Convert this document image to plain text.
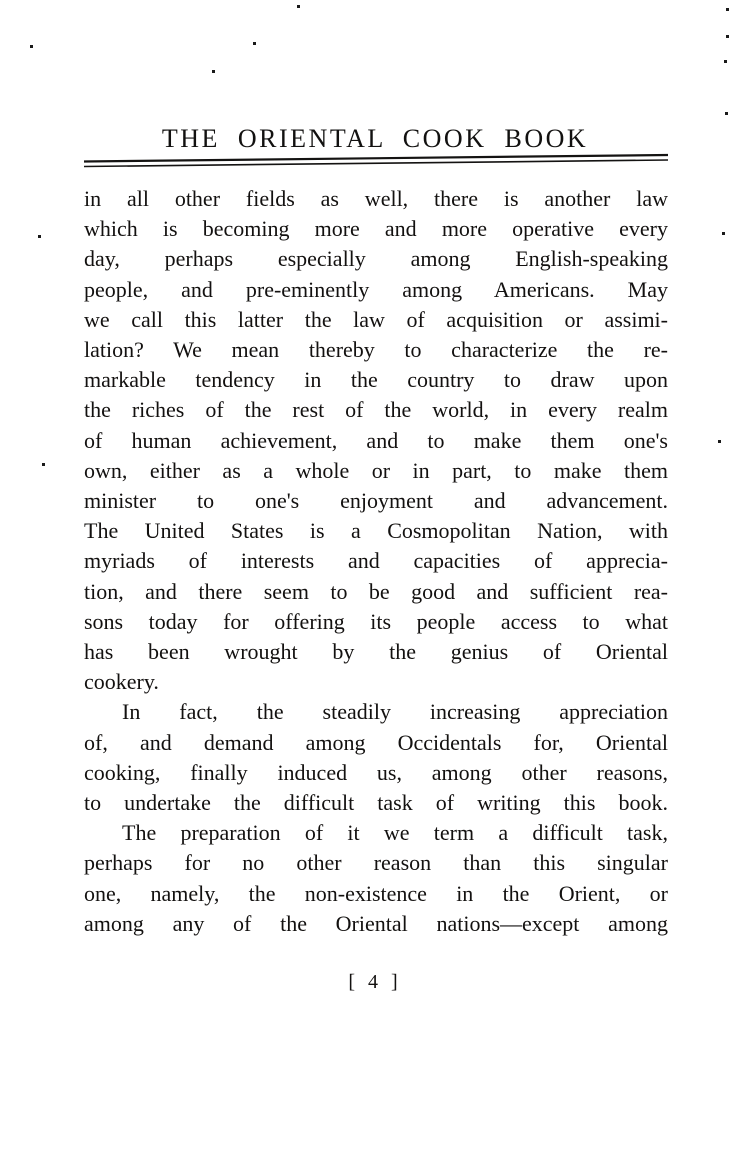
THE ORIENTAL COOK BOOK
in all other fields as well, there is another law
which is becoming more and more operative every
day, perhaps especially among English-speaking
people, and pre-eminently among Americans. May
we call this latter the law of acquisition or assimi-
lation? We mean thereby to characterize the re-
markable tendency in the country to draw upon
the riches of the rest of the world, in every realm
of human achievement, and to make them one's
own, either as a whole or in part, to make them
minister to one's enjoyment and advancement.
The United States is a Cosmopolitan Nation, with
myriads of interests and capacities of apprecia-
tion, and there seem to be good and sufficient rea-
sons today for offering its people access to what
has been wrought by the genius of Oriental
cookery.
In fact, the steadily increasing appreciation
of, and demand among Occidentals for, Oriental
cooking, finally induced us, among other reasons,
to undertake the difficult task of writing this book.
The preparation of it we term a difficult task,
perhaps for no other reason than this singular
one, namely, the non-existence in the Orient, or
among any of the Oriental nations—except among
[ 4 ]
